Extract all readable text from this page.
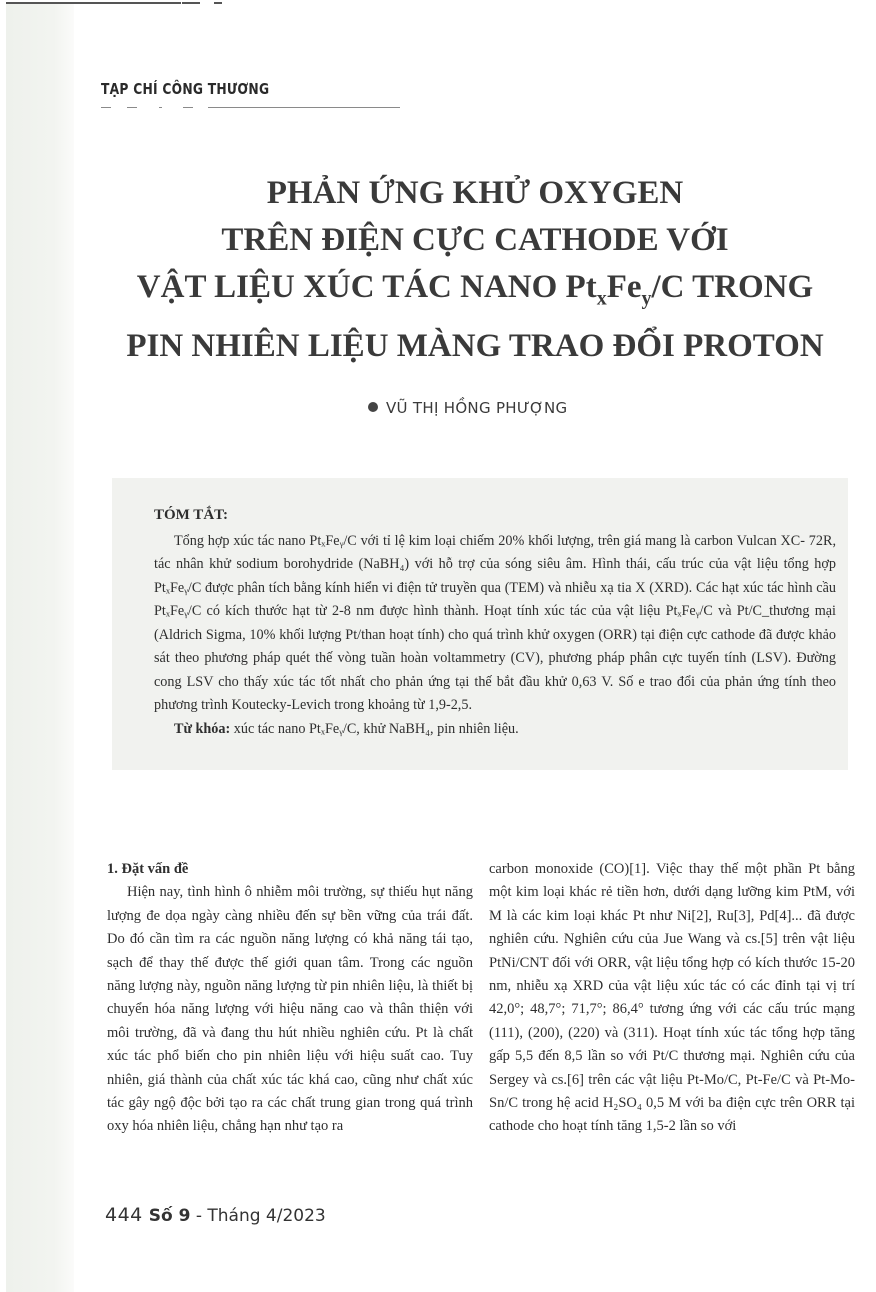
TẠP CHÍ CÔNG THƯƠNG
PHẢN ỨNG KHỬ OXYGEN
TRÊN ĐIỆN CỰC CATHODE VỚI
VẬT LIỆU XÚC TÁC NANO $Pt_xFe_y/C$ TRONG
PIN NHIÊN LIỆU MÀNG TRAO ĐỔI PROTON
VŨ THỊ HỒNG PHƯỢNG
TÓM TẮT:

Tổng hợp xúc tác nano PtₓFeᵧ/C với tỉ lệ kim loại chiếm 20% khối lượng, trên giá mang là carbon Vulcan XC- 72R, tác nhân khử sodium borohydride (NaBH₄) với hỗ trợ của sóng siêu âm. Hình thái, cấu trúc của vật liệu tổng hợp PtₓFeᵧ/C được phân tích bằng kính hiển vi điện tử truyền qua (TEM) và nhiễu xạ tia X (XRD). Các hạt xúc tác hình cầu PtₓFeᵧ/C có kích thước hạt từ 2-8 nm được hình thành. Hoạt tính xúc tác của vật liệu PtₓFeᵧ/C và Pt/C_thương mại (Aldrich Sigma, 10% khối lượng Pt/than hoạt tính) cho quá trình khử oxygen (ORR) tại điện cực cathode đã được khảo sát theo phương pháp quét thế vòng tuần hoàn voltammetry (CV), phương pháp phân cực tuyến tính (LSV). Đường cong LSV cho thấy xúc tác tốt nhất cho phản ứng tại thế bắt đầu khử 0,63 V. Số e trao đổi của phản ứng tính theo phương trình Koutecky-Levich trong khoảng từ 1,9-2,5.

Từ khóa: xúc tác nano PtₓFeᵧ/C, khử NaBH₄, pin nhiên liệu.

1. Đặt vấn đề

Hiện nay, tình hình ô nhiễm môi trường, sự thiếu hụt năng lượng đe dọa ngày càng nhiều đến sự bền vững của trái đất. Do đó cần tìm ra các nguồn năng lượng có khả năng tái tạo, sạch để thay thế được thế giới quan tâm. Trong các nguồn năng lượng này, nguồn năng lượng từ pin nhiên liệu, là thiết bị chuyển hóa năng lượng với hiệu năng cao và thân thiện với môi trường, đã và đang thu hút nhiều nghiên cứu. Pt là chất xúc tác phổ biến cho pin nhiên liệu với hiệu suất cao. Tuy nhiên, giá thành của chất xúc tác khá cao, cũng như chất xúc tác gây ngộ độc bởi tạo ra các chất trung gian trong quá trình oxy hóa nhiên liệu, chẳng hạn như tạo ra

carbon monoxide (CO)[1]. Việc thay thế một phần Pt bằng một kim loại khác rẻ tiền hơn, dưới dạng lưỡng kim PtM, với M là các kim loại khác Pt như Ni[2], Ru[3], Pd[4]... đã được nghiên cứu. Nghiên cứu của Jue Wang và cs.[5] trên vật liệu PtNi/CNT đối với ORR, vật liệu tổng hợp có kích thước 15-20 nm, nhiễu xạ XRD của vật liệu xúc tác có các đỉnh tại vị trí 42,0°; 48,7°; 71,7°; 86,4° tương ứng với các cấu trúc mạng (111), (200), (220) và (311). Hoạt tính xúc tác tổng hợp tăng gấp 5,5 đến 8,5 lần so với Pt/C thương mại. Nghiên cứu của Sergey và cs.[6] trên các vật liệu Pt-Mo/C, Pt-Fe/C và Pt-Mo-Sn/C trong hệ acid H₂SO₄ 0,5 M với ba điện cực trên ORR tại cathode cho hoạt tính tăng 1,5-2 lần so với

444 Số 9 - Tháng 4/2023
